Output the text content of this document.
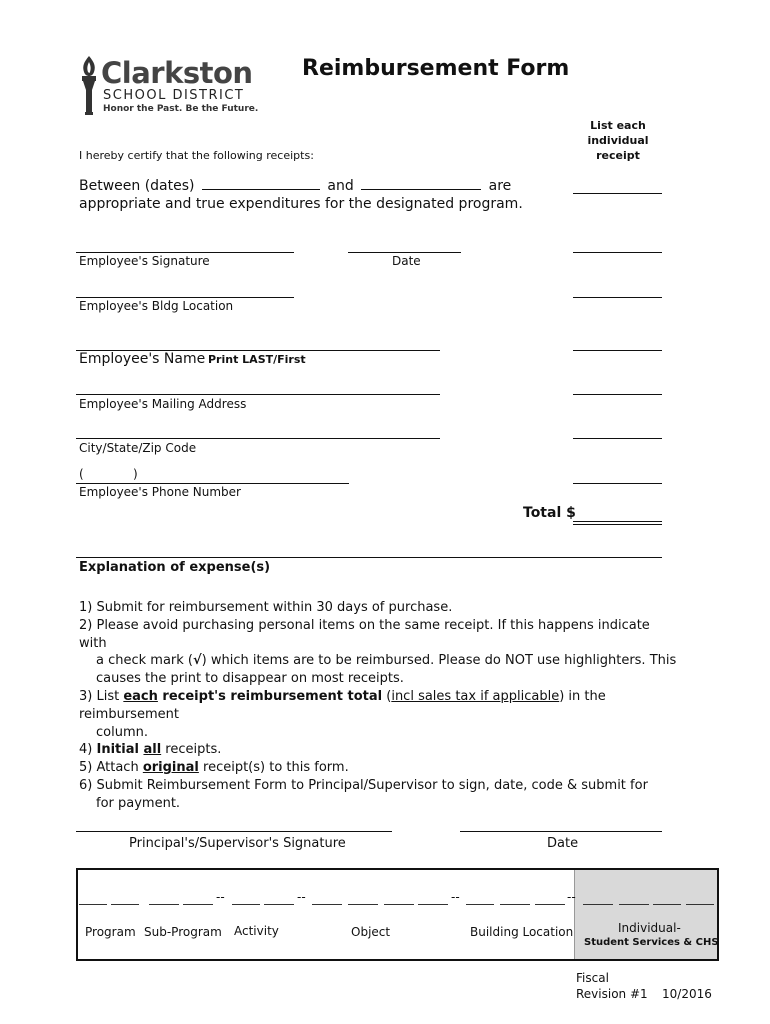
Clarkston
SCHOOL DISTRICT
Honor the Past. Be the Future.
Reimbursement Form
List each
individual
receipt
I hereby certify that the following receipts:
Between (dates)	and	are
appropriate and true expenditures for the designated program.
Employee's Signature	Date
Employee's Bldg Location
Employee's Name Print LAST/First
Employee's Mailing Address
City/State/Zip Code
(	)
Employee's Phone Number
Total $
Explanation of expense(s)
1) Submit for reimbursement within 30 days of purchase.
2) Please avoid purchasing personal items on the same receipt. If this happens indicate with
a check mark (√) which items are to be reimbursed. Please do NOT use highlighters. This
causes the print to disappear on most receipts.
3) List each receipt's reimbursement total (incl sales tax if applicable) in the reimbursement
column.
4) Initial all receipts.
5) Attach original receipt(s) to this form.
6) Submit Reimbursement Form to Principal/Supervisor to sign, date, code & submit for
for payment.
Principal's/Supervisor's Signature	Date
--	--	--	--
Program Sub-Program Activity	Object	Building Location	Individual-
Student Services & CHS
Fiscal
Revision #1 10/2016
